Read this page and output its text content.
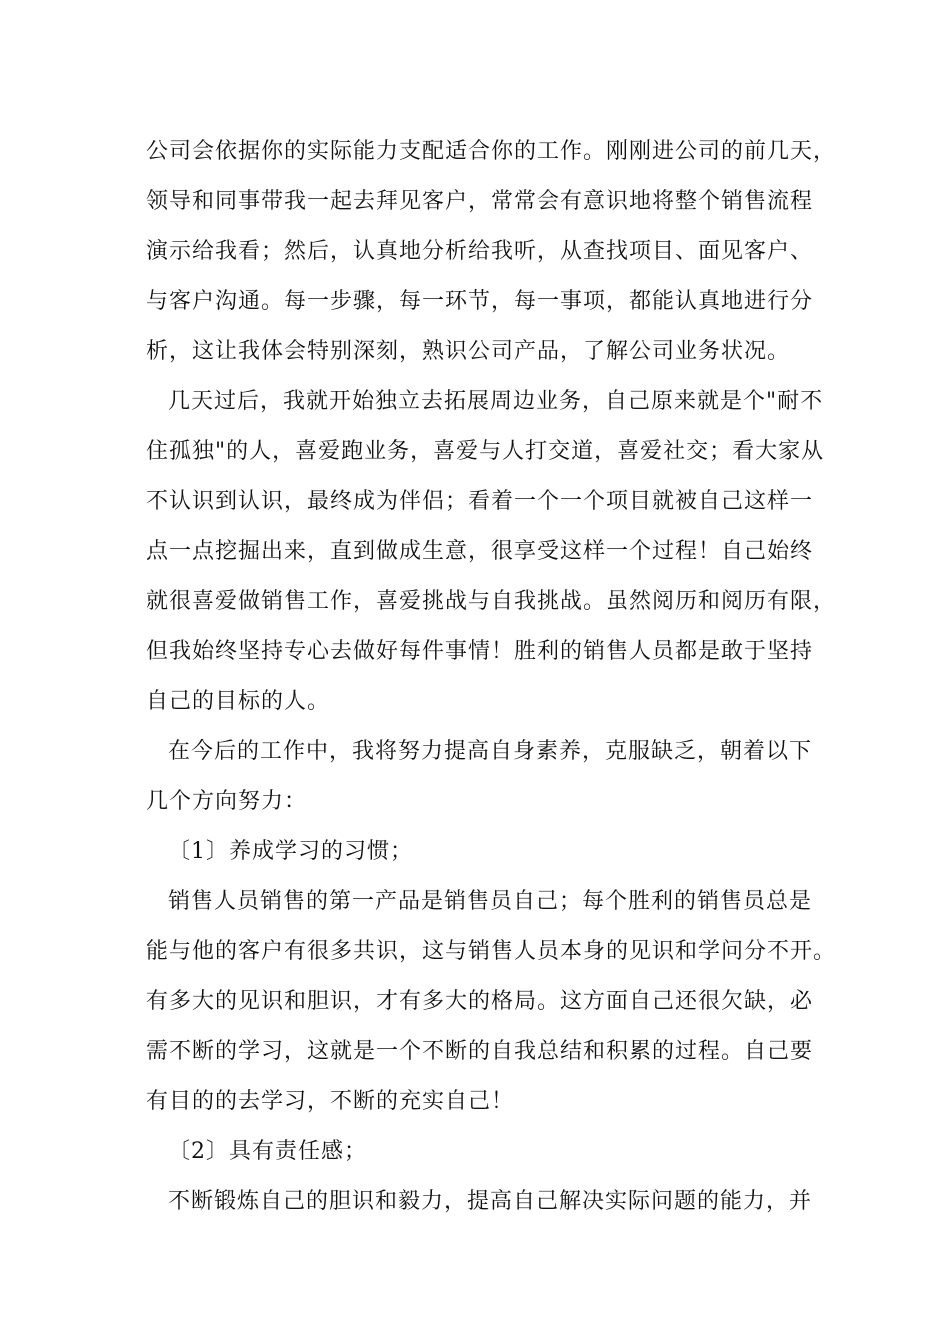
公司会依据你的实际能力支配适合你的工作。刚刚进公司的前几天，
领导和同事带我一起去拜见客户，常常会有意识地将整个销售流程
演示给我看；然后，认真地分析给我听，从查找项目、面见客户、
与客户沟通。每一步骤，每一环节，每一事项，都能认真地进行分
析，这让我体会特别深刻，熟识公司产品，了解公司业务状况。
几天过后，我就开始独立去拓展周边业务，自己原来就是个"耐不
住孤独"的人，喜爱跑业务，喜爱与人打交道，喜爱社交；看大家从
不认识到认识，最终成为伴侣；看着一个一个项目就被自己这样一
点一点挖掘出来，直到做成生意，很享受这样一个过程！自己始终
就很喜爱做销售工作，喜爱挑战与自我挑战。虽然阅历和阅历有限，
但我始终坚持专心去做好每件事情！胜利的销售人员都是敢于坚持
自己的目标的人。
在今后的工作中，我将努力提高自身素养，克服缺乏，朝着以下
几个方向努力：
〔1〕养成学习的习惯；
销售人员销售的第一产品是销售员自己；每个胜利的销售员总是
能与他的客户有很多共识，这与销售人员本身的见识和学问分不开。
有多大的见识和胆识，才有多大的格局。这方面自己还很欠缺，必
需不断的学习，这就是一个不断的自我总结和积累的过程。自己要
有目的的去学习，不断的充实自己！
〔2〕具有责任感；
不断锻炼自己的胆识和毅力，提高自己解决实际问题的能力，并
